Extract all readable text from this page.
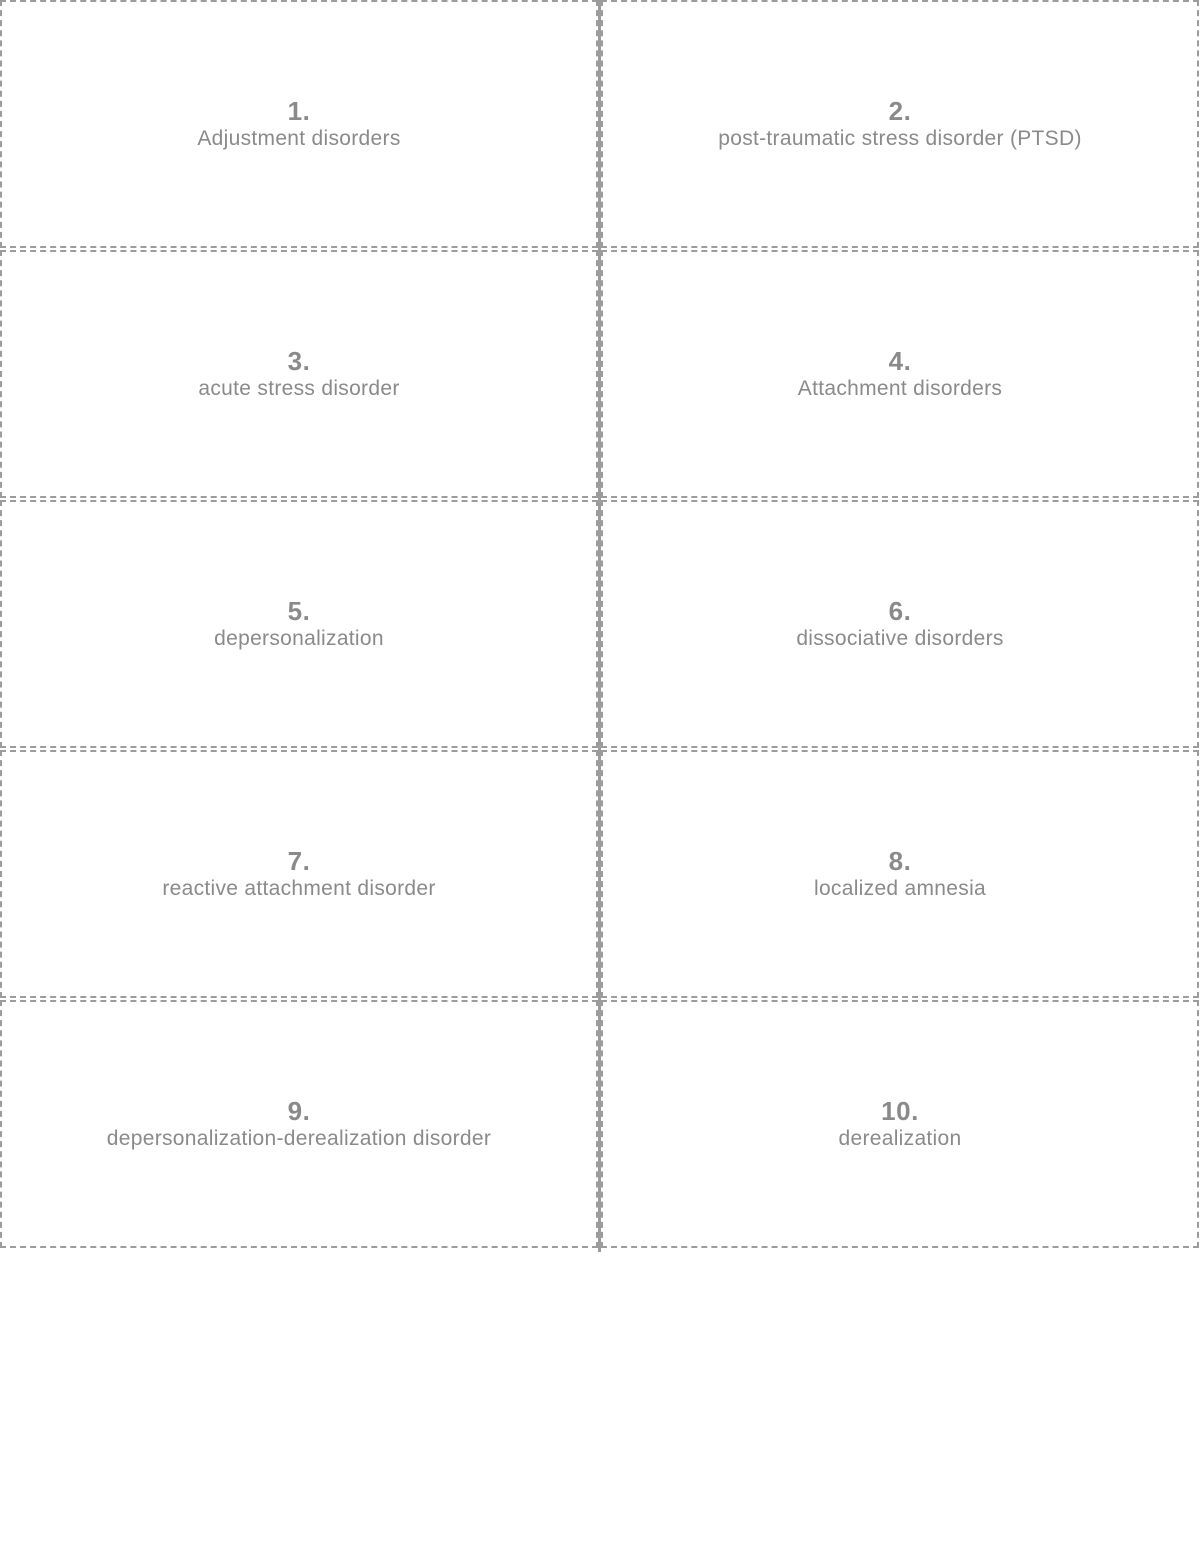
1.
Adjustment disorders
2.
post-traumatic stress disorder (PTSD)
3.
acute stress disorder
4.
Attachment disorders
5.
depersonalization
6.
dissociative disorders
7.
reactive attachment disorder
8.
localized amnesia
9.
depersonalization-derealization disorder
10.
derealization
